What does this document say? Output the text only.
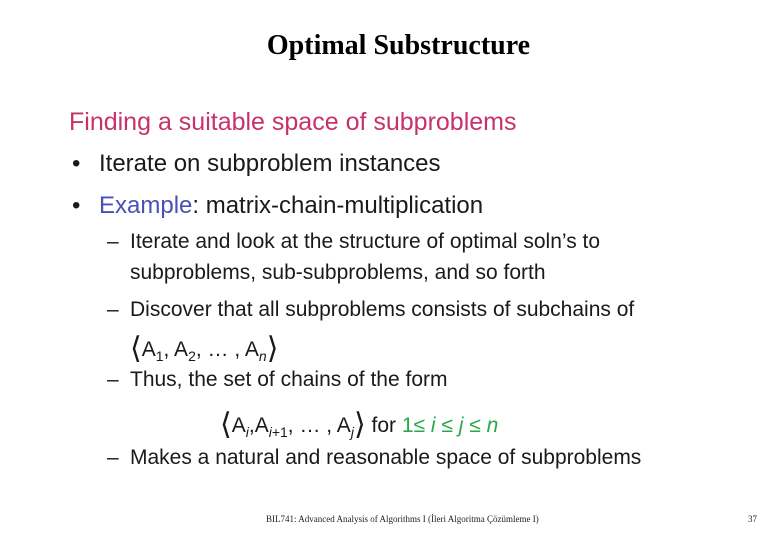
Optimal Substructure
Finding a suitable space of subproblems
• Iterate on subproblem instances
• Example: matrix-chain-multiplication
– Iterate and look at the structure of optimal soln’s to
subproblems, sub-subproblems, and so forth
– Discover that all subproblems consists of subchains of
$⟨A_1$, $A_2$, … , $A_n⟩$
– Thus, the set of chains of the form
$⟨A_i,A_{i+1}$, … , $A_j⟩$ for 1≤ i ≤ j ≤ n
– Makes a natural and reasonable space of subproblems
BIL741: Advanced Analysis of Algorithms I (İleri Algoritma Çözümleme I)	37
